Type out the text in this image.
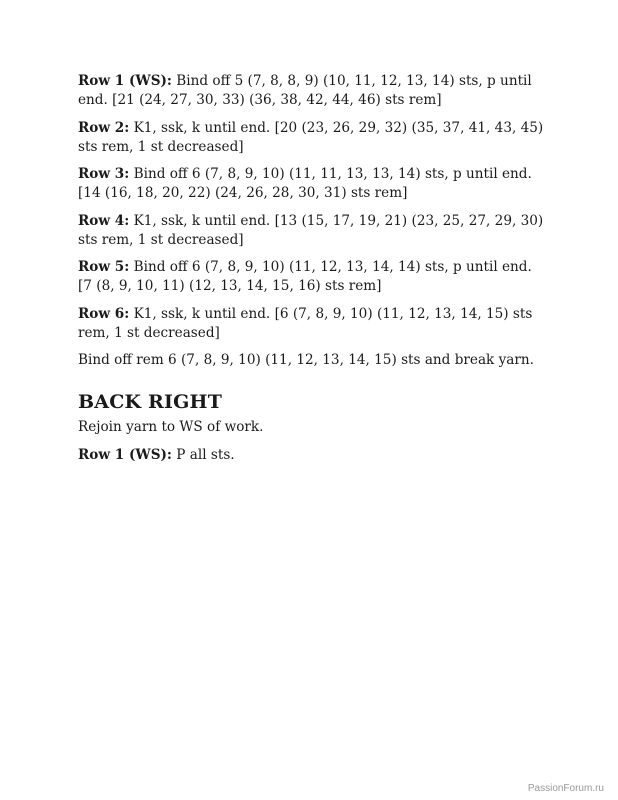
Row 1 (WS): Bind off 5 (7, 8, 8, 9) (10, 11, 12, 13, 14) sts, p until end. [21 (24, 27, 30, 33) (36, 38, 42, 44, 46) sts rem]

Row 2: K1, ssk, k until end. [20 (23, 26, 29, 32) (35, 37, 41, 43, 45) sts rem, 1 st decreased]

Row 3: Bind off 6 (7, 8, 9, 10) (11, 11, 13, 13, 14) sts, p until end. [14 (16, 18, 20, 22) (24, 26, 28, 30, 31) sts rem]

Row 4: K1, ssk, k until end. [13 (15, 17, 19, 21) (23, 25, 27, 29, 30) sts rem, 1 st decreased]

Row 5: Bind off 6 (7, 8, 9, 10) (11, 12, 13, 14, 14) sts, p until end. [7 (8, 9, 10, 11) (12, 13, 14, 15, 16) sts rem]

Row 6: K1, ssk, k until end. [6 (7, 8, 9, 10) (11, 12, 13, 14, 15) sts rem, 1 st decreased]

Bind off rem 6 (7, 8, 9, 10) (11, 12, 13, 14, 15) sts and break yarn.

BACK RIGHT

Rejoin yarn to WS of work.

Row 1 (WS): P all sts.

PassionForum.ru
